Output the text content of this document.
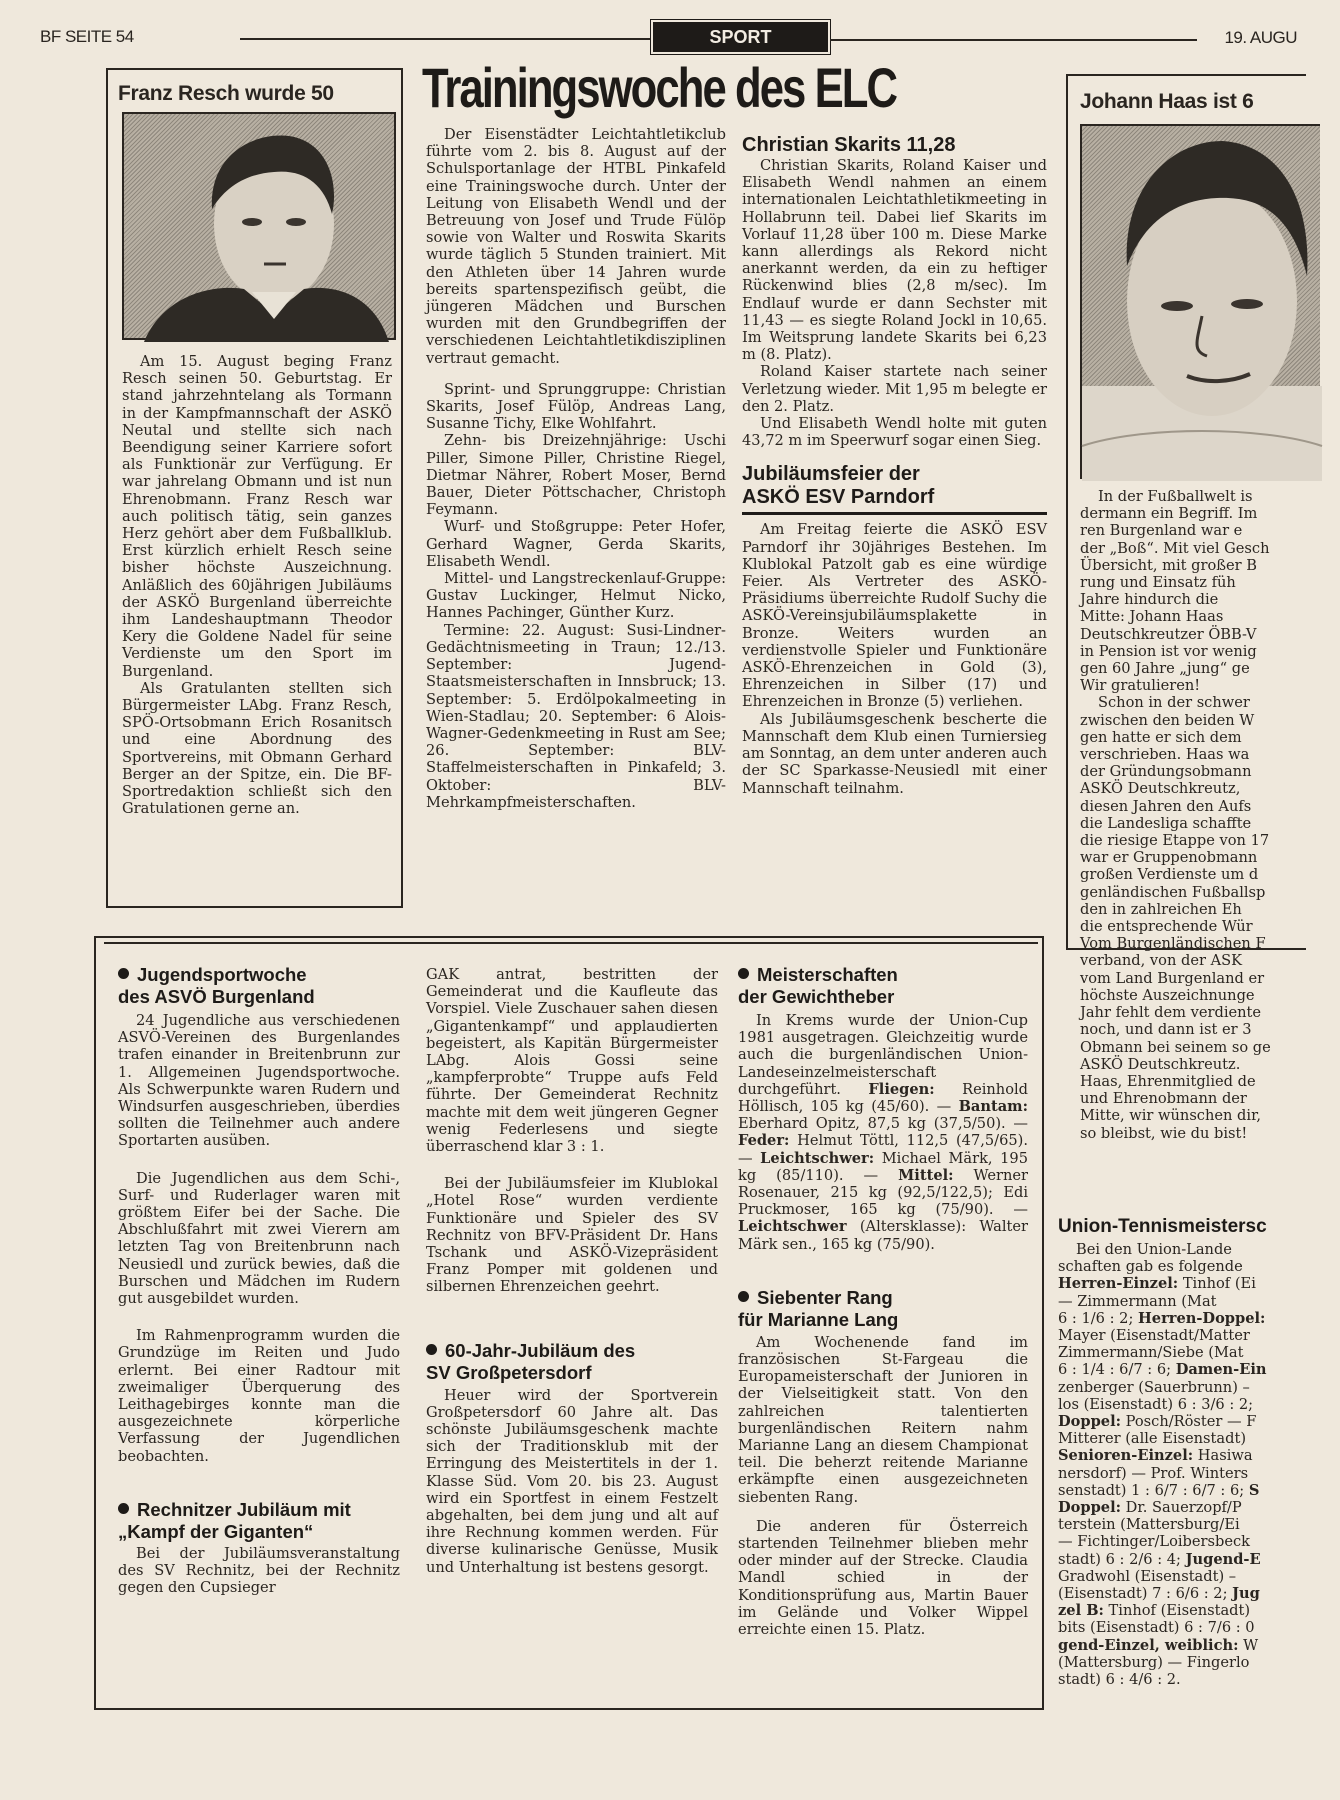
BF SEITE 54	SPORT	19. AUGU
Franz Resch wurde 50

Am 15. August beging Franz Resch seinen 50. Geburtstag. Er stand jahrzehntelang als Tormann in der Kampfmannschaft der ASKÖ Neutal und stellte sich nach Beendigung seiner Karriere sofort als Funktionär zur Verfügung. Er war jahrelang Obmann und ist nun Ehrenobmann. Franz Resch war auch politisch tätig, sein ganzes Herz gehört aber dem Fußballklub. Erst kürzlich erhielt Resch seine bisher höchste Auszeichnung. Anläßlich des 60jährigen Jubiläums der ASKÖ Burgenland überreichte ihm Landeshauptmann Theodor Kery die Goldene Nadel für seine Verdienste um den Sport im Burgenland.

Als Gratulanten stellten sich Bürgermeister LAbg. Franz Resch, SPÖ-Ortsobmann Erich Rosanitsch und eine Abordnung des Sportvereins, mit Obmann Gerhard Berger an der Spitze, ein. Die BF-Sportredaktion schließt sich den Gratulationen gerne an.

Trainingswoche des ELC

Der Eisenstädter Leichtahtletikclub führte vom 2. bis 8. August auf der Schulsportanlage der HTBL Pinkafeld eine Trainingswoche durch. Unter der Leitung von Elisabeth Wendl und der Betreuung von Josef und Trude Fülöp sowie von Walter und Roswita Skarits wurde täglich 5 Stunden trainiert. Mit den Athleten über 14 Jahren wurde bereits spartenspezifisch geübt, die jüngeren Mädchen und Burschen wurden mit den Grundbegriffen der verschiedenen Leichtahtletikdisziplinen vertraut gemacht.

Sprint- und Sprunggruppe: Christian Skarits, Josef Fülöp, Andreas Lang, Susanne Tichy, Elke Wohlfahrt.

Zehn- bis Dreizehnjährige: Uschi Piller, Simone Piller, Christine Riegel, Dietmar Nährer, Robert Moser, Bernd Bauer, Dieter Pöttschacher, Christoph Feymann.

Wurf- und Stoßgruppe: Peter Hofer, Gerhard Wagner, Gerda Skarits, Elisabeth Wendl.

Mittel- und Langstreckenlauf-Gruppe: Gustav Luckinger, Helmut Nicko, Hannes Pachinger, Günther Kurz.

Termine: 22. August: Susi-Lindner-Gedächtnismeeting in Traun; 12./13. September: Jugend-Staatsmeisterschaften in Innsbruck; 13. September: 5. Erdölpokalmeeting in Wien-Stadlau; 20. September: 6 Alois-Wagner-Gedenkmeeting in Rust am See; 26. September: BLV- Staffelmeisterschaften in Pinkafeld; 3. Oktober: BLV-Mehrkampfmeisterschaften.

Christian Skarits 11,28

Christian Skarits, Roland Kaiser und Elisabeth Wendl nahmen an einem internationalen Leichtathletikmeeting in Hollabrunn teil. Dabei lief Skarits im Vorlauf 11,28 über 100 m. Diese Marke kann allerdings als Rekord nicht anerkannt werden, da ein zu heftiger Rückenwind blies (2,8 m/sec). Im Endlauf wurde er dann Sechster mit 11,43 — es siegte Roland Jockl in 10,65. Im Weitsprung landete Skarits bei 6,23 m (8. Platz).

Roland Kaiser startete nach seiner Verletzung wieder. Mit 1,95 m belegte er den 2. Platz.

Und Elisabeth Wendl holte mit guten 43,72 m im Speerwurf sogar einen Sieg.

Jubiläumsfeier der
ASKÖ ESV Parndorf

Am Freitag feierte die ASKÖ ESV Parndorf ihr 30jähriges Bestehen. Im Klublokal Patzolt gab es eine würdige Feier. Als Vertreter des ASKÖ-Präsidiums überreichte Rudolf Suchy die ASKÖ-Vereinsjubiläumsplakette in Bronze. Weiters wurden an verdienstvolle Spieler und Funktionäre ASKÖ-Ehrenzeichen in Gold (3), Ehrenzeichen in Silber (17) und Ehrenzeichen in Bronze (5) verliehen.

Als Jubiläumsgeschenk bescherte die Mannschaft dem Klub einen Turniersieg am Sonntag, an dem unter anderen auch der SC Sparkasse-Neusiedl mit einer Mannschaft teilnahm.

Johann Haas ist 6
In der Fußballwelt is
dermann ein Begriff. Im
ren Burgenland war e
der „Boß“. Mit viel Gesch
Übersicht, mit großer B
rung und Einsatz füh
Jahre hindurch die
Mitte: Johann Haas
Deutschkreutzer ÖBB-V
in Pension ist vor wenig
gen 60 Jahre „jung“ ge
Wir gratulieren!
Schon in der schwer
zwischen den beiden W
gen hatte er sich dem
verschrieben. Haas wa
der Gründungsobmann
ASKÖ Deutschkreutz,
diesen Jahren den Aufs
die Landesliga schaffte
die riesige Etappe von 17
war er Gruppenobmann
großen Verdienste um d
genländischen Fußballsp
den in zahlreichen Eh
die entsprechende Wür
Vom Burgenländischen F
verband, von der ASK
vom Land Burgenland er
höchste Auszeichnunge
Jahr fehlt dem verdiente
noch, und dann ist er 3
Obmann bei seinem so ge
ASKÖ Deutschkreutz.
Haas, Ehrenmitglied de
und Ehrenobmann der
Mitte, wir wünschen dir,
so bleibst, wie du bist!
Union-Tennismeistersc
Bei den Union-Lande
schaften gab es folgende
Herren-Einzel: Tinhof (Ei
— Zimmermann (Mat
6 : 1/6 : 2; Herren-Doppel:
Mayer (Eisenstadt/Matter
Zimmermann/Siebe (Mat
6 : 1/4 : 6/7 : 6; Damen-Ein
zenberger (Sauerbrunn) –
los (Eisenstadt) 6 : 3/6 : 2;
Doppel: Posch/Röster — F
Mitterer (alle Eisenstadt)
Senioren-Einzel: Hasiwa
nersdorf) — Prof. Winters
senstadt) 1 : 6/7 : 6/7 : 6; S
Doppel: Dr. Sauerzopf/P
terstein (Mattersburg/Ei
— Fichtinger/Loibersbeck
stadt) 6 : 2/6 : 4; Jugend-E
Gradwohl (Eisenstadt) –
(Eisenstadt) 7 : 6/6 : 2; Jug
zel B: Tinhof (Eisenstadt)
bits (Eisenstadt) 6 : 7/6 : 0
gend-Einzel, weiblich: W
(Mattersburg) — Fingerlo
stadt) 6 : 4/6 : 2.
Jugendsportwoche
des ASVÖ Burgenland

24 Jugendliche aus verschiedenen ASVÖ-Vereinen des Burgenlandes trafen einander in Breitenbrunn zur 1. Allgemeinen Jugendsportwoche. Als Schwerpunkte waren Rudern und Windsurfen ausgeschrieben, überdies sollten die Teilnehmer auch andere Sportarten ausüben.

Die Jugendlichen aus dem Schi-, Surf- und Ruderlager waren mit größtem Eifer bei der Sache. Die Abschlußfahrt mit zwei Vierern am letzten Tag von Breitenbrunn nach Neusiedl und zurück bewies, daß die Burschen und Mädchen im Rudern gut ausgebildet wurden.

Im Rahmenprogramm wurden die Grundzüge im Reiten und Judo erlernt. Bei einer Radtour mit zweimaliger Überquerung des Leithagebirges konnte man die ausgezeichnete körperliche Verfassung der Jugendlichen beobachten.

Rechnitzer Jubiläum mit
„Kampf der Giganten“

Bei der Jubiläumsveranstaltung des SV Rechnitz, bei der Rechnitz gegen den Cupsieger

GAK antrat, bestritten der Gemeinderat und die Kaufleute das Vorspiel. Viele Zuschauer sahen diesen „Gigantenkampf“ und applaudierten begeistert, als Kapitän Bürgermeister LAbg. Alois Gossi seine „kampferprobte“ Truppe aufs Feld führte. Der Gemeinderat Rechnitz machte mit dem weit jüngeren Gegner wenig Federlesens und siegte überraschend klar 3 : 1.

Bei der Jubiläumsfeier im Klublokal „Hotel Rose“ wurden verdiente Funktionäre und Spieler des SV Rechnitz von BFV-Präsident Dr. Hans Tschank und ASKÖ-Vizepräsident Franz Pomper mit goldenen und silbernen Ehrenzeichen geehrt.

60-Jahr-Jubiläum des
SV Großpetersdorf

Heuer wird der Sportverein Großpetersdorf 60 Jahre alt. Das schönste Jubiläumsgeschenk machte sich der Traditionsklub mit der Erringung des Meistertitels in der 1. Klasse Süd. Vom 20. bis 23. August wird ein Sportfest in einem Festzelt abgehalten, bei dem jung und alt auf ihre Rechnung kommen werden. Für diverse kulinarische Genüsse, Musik und Unterhaltung ist bestens gesorgt.

Meisterschaften
der Gewichtheber

In Krems wurde der Union-Cup 1981 ausgetragen. Gleichzeitig wurde auch die burgenländischen Union-Landeseinzelmeisterschaft durchgeführt. Fliegen: Reinhold Höllisch, 105 kg (45/60). — Bantam: Eberhard Opitz, 87,5 kg (37,5/50). — Feder: Helmut Töttl, 112,5 (47,5/65). — Leichtschwer: Michael Märk, 195 kg (85/110). — Mittel: Werner Rosenauer, 215 kg (92,5/122,5); Edi Pruckmoser, 165 kg (75/90). — Leichtschwer (Altersklasse): Walter Märk sen., 165 kg (75/90).

Siebenter Rang
für Marianne Lang

Am Wochenende fand im französischen St-Fargeau die Europameisterschaft der Junioren in der Vielseitigkeit statt. Von den zahlreichen talentierten burgenländischen Reitern nahm Marianne Lang an diesem Championat teil. Die beherzt reitende Marianne erkämpfte einen ausgezeichneten siebenten Rang.

Die anderen für Österreich startenden Teilnehmer blieben mehr oder minder auf der Strecke. Claudia Mandl schied in der Konditionsprüfung aus, Martin Bauer im Gelände und Volker Wippel erreichte einen 15. Platz.
